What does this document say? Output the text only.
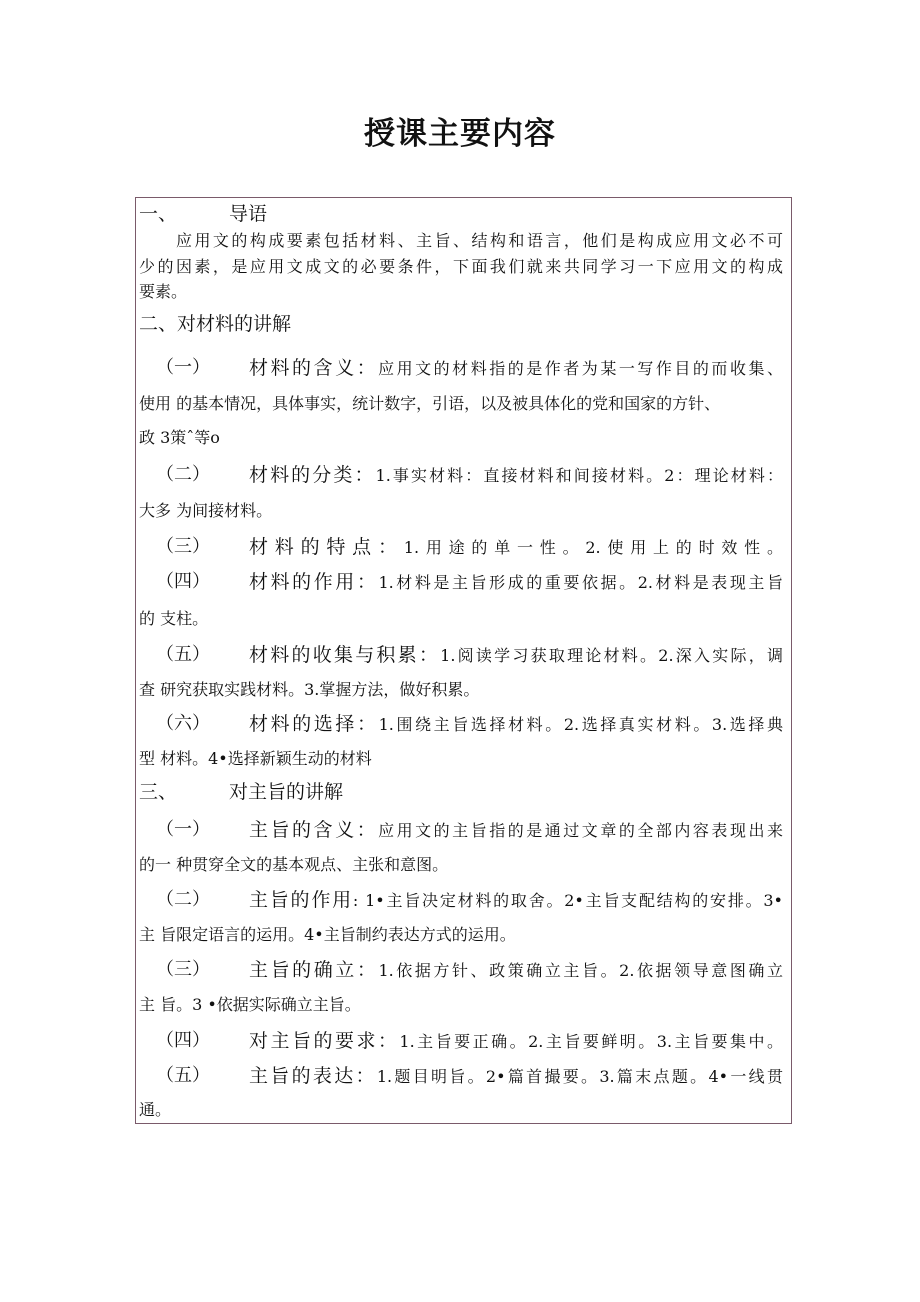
授课主要内容
一、	导语
应用文的构成要素包括材料、主旨、结构和语言，他们是构成应用文必不可
少的因素，是应用文成文的必要条件，下面我们就来共同学习一下应用文的构成
要素。
二、对材料的讲解
三、	对主旨的讲解
（一） 材料的含义：应用文的材料指的是作者为某一写作目的而收集、
使用 的基本情况，具体事实，统计数字，引语，以及被具体化的党和国家的方针、
政 3策ˆ等o
（二） 材料的分类：1.事实材料：直接材料和间接材料。2：理论材料：
大多 为间接材料。
（三） 材料的特点：1.用途的单一性。2.使用上的时效性。
（四） 材料的作用：1.材料是主旨形成的重要依据。2.材料是表现主旨
的 支柱。
（五） 材料的收集与积累：1.阅读学习获取理论材料。2.深入实际，调
查 研究获取实践材料。3.掌握方法，做好积累。
（六） 材料的选择：1.围绕主旨选择材料。2.选择真实材料。3.选择典
型 材料。4•选择新颖生动的材料
（一） 主旨的含义：应用文的主旨指的是通过文章的全部内容表现出来
的一 种贯穿全文的基本观点、主张和意图。
（二） 主旨的作用: 1•主旨决定材料的取舍。2•主旨支配结构的安排。3•
主 旨限定语言的运用。4•主旨制约表达方式的运用。
（三） 主旨的确立：1.依据方针、政策确立主旨。2.依据领导意图确立
主 旨。3 •依据实际确立主旨。
（四） 对主旨的要求：1.主旨要正确。2.主旨要鲜明。3.主旨要集中。
（五） 主旨的表达：1.题目明旨。2•篇首撮要。3.篇末点题。4•一线贯
通。
